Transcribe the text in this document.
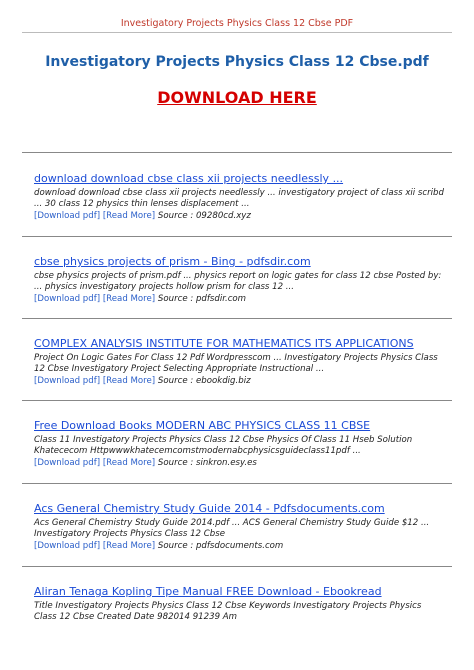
Investigatory Projects Physics Class 12 Cbse PDF
Investigatory Projects Physics Class 12 Cbse.pdf
DOWNLOAD HERE
download download cbse class xii projects needlessly ...
download download cbse class xii projects needlessly ... investigatory project of class xii scribd ... 30 class 12 physics thin lenses displacement ...
[Download pdf] [Read More] Source : 09280cd.xyz
cbse physics projects of prism - Bing - pdfsdir.com
cbse physics projects of prism.pdf ... physics report on logic gates for class 12 cbse Posted by: ... physics investigatory projects hollow prism for class 12 ...
[Download pdf] [Read More] Source : pdfsdir.com
COMPLEX ANALYSIS INSTITUTE FOR MATHEMATICS ITS APPLICATIONS
Project On Logic Gates For Class 12 Pdf Wordpresscom ... Investigatory Projects Physics Class 12 Cbse Investigatory Project Selecting Appropriate Instructional ...
[Download pdf] [Read More] Source : ebookdig.biz
Free Download Books MODERN ABC PHYSICS CLASS 11 CBSE
Class 11 Investigatory Projects Physics Class 12 Cbse Physics Of Class 11 Hseb Solution Khatececom Httpwwwkhatecemcomstmodernabcphysicsguideclass11pdf ...
[Download pdf] [Read More] Source : sinkron.esy.es
Acs General Chemistry Study Guide 2014 - Pdfsdocuments.com
Acs General Chemistry Study Guide 2014.pdf ... ACS General Chemistry Study Guide $12 ... Investigatory Projects Physics Class 12 Cbse
[Download pdf] [Read More] Source : pdfsdocuments.com
Aliran Tenaga Kopling Tipe Manual FREE Download - Ebookread
Title Investigatory Projects Physics Class 12 Cbse Keywords Investigatory Projects Physics Class 12 Cbse Created Date 982014 91239 Am
